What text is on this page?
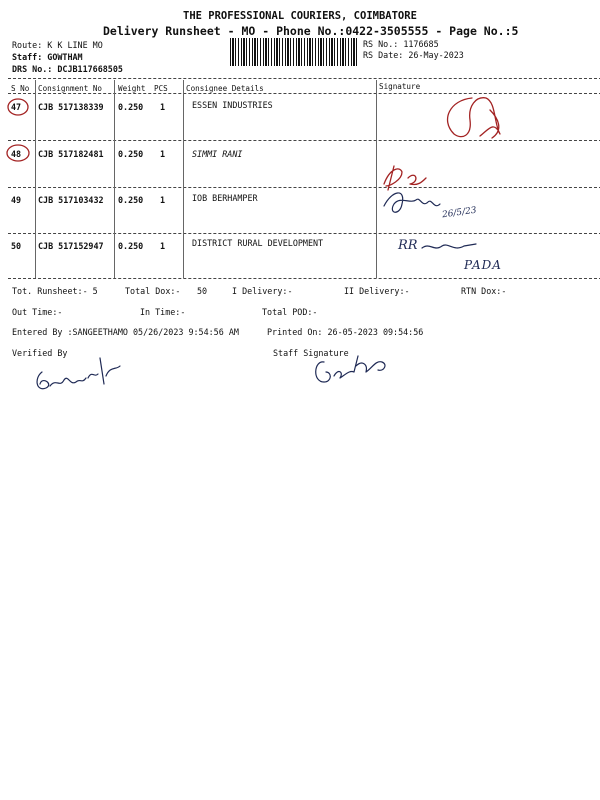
THE PROFESSIONAL COURIERS, COIMBATORE
Delivery Runsheet - MO - Phone No.:0422-3505555 - Page No.:5
Route: K K LINE MO
Staff: GOWTHAM
DRS No.: DCJB117668505
RS No.: 1176685
RS Date: 26-May-2023
S No Consignment No Weight PCS Consignee Details	Signature
47 CJB 517138339 0.250 1	ESSEN INDUSTRIES
48 CJB 517182481 0.250 1	SIMMI RANI
49 CJB 517103432 0.250 1	IOB BERHAMPER
50 CJB 517152947 0.250 1	DISTRICT RURAL DEVELOPMENT
26/5/23
RR
PADA
Tot. Runsheet:- 5	Total Dox:- 50	I Delivery:-	II Delivery:-	RTN Dox:-
Out Time:-	In Time:-	Total POD:-
Entered By :SANGEETHAMO 05/26/2023 9:54:56 AM	Printed On: 26-05-2023 09:54:56
Verified By	Staff Signature
